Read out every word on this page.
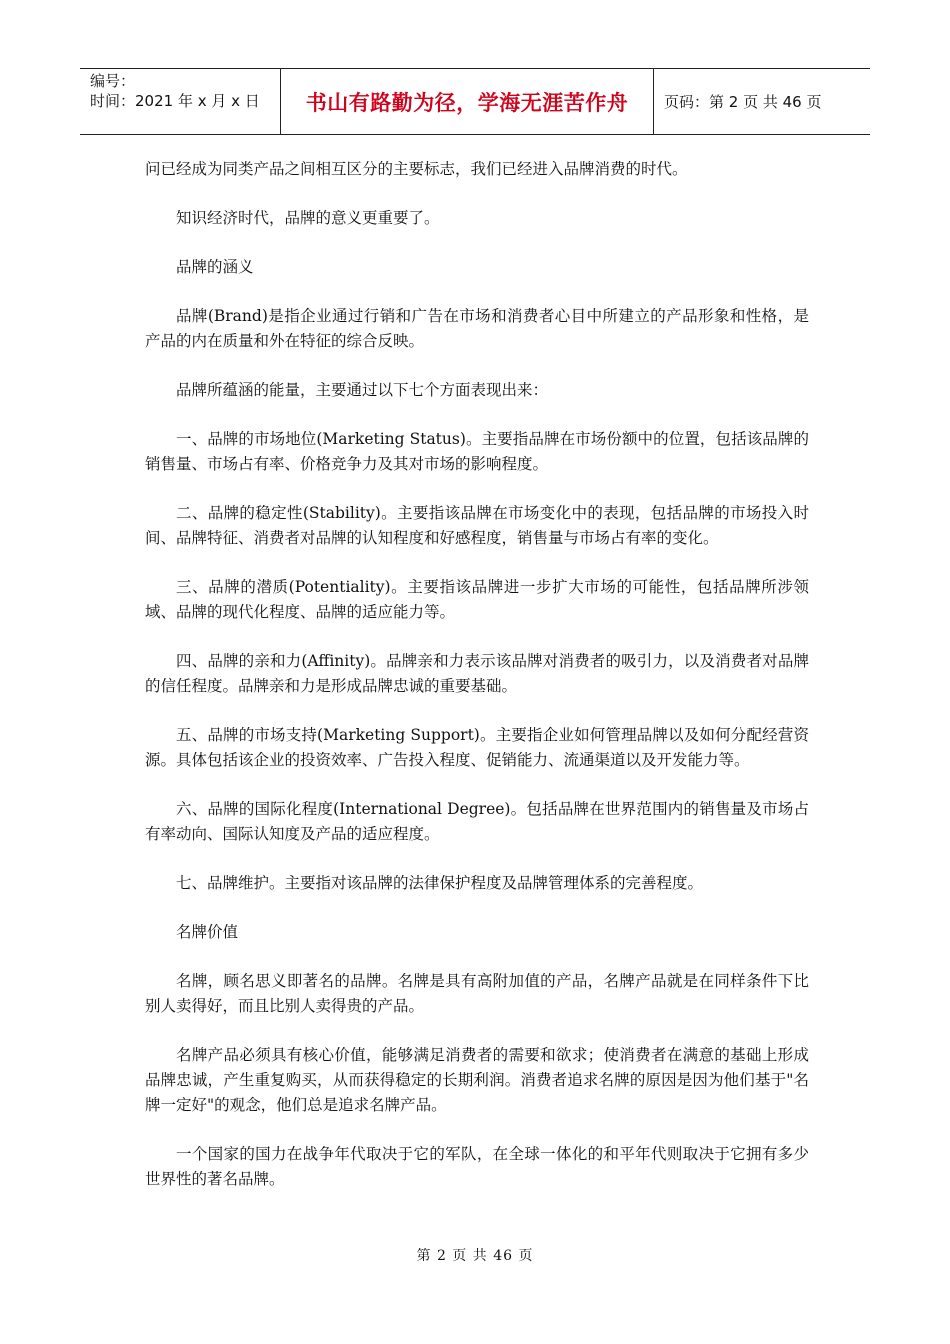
编号：
时间：2021 年 x 月 x 日	书山有路勤为径，学海无涯苦作舟	页码：第 2 页 共 46 页

问已经成为同类产品之间相互区分的主要标志，我们已经进入品牌消费的时代。

知识经济时代，品牌的意义更重要了。

品牌的涵义

品牌(Brand)是指企业通过行销和广告在市场和消费者心目中所建立的产品形象和性格，是产品的内在质量和外在特征的综合反映。

品牌所蕴涵的能量，主要通过以下七个方面表现出来：

一、品牌的市场地位(Marketing Status)。主要指品牌在市场份额中的位置，包括该品牌的销售量、市场占有率、价格竞争力及其对市场的影响程度。

二、品牌的稳定性(Stability)。主要指该品牌在市场变化中的表现，包括品牌的市场投入时间、品牌特征、消费者对品牌的认知程度和好感程度，销售量与市场占有率的变化。

三、品牌的潜质(Potentiality)。主要指该品牌进一步扩大市场的可能性，包括品牌所涉领域、品牌的现代化程度、品牌的适应能力等。

四、品牌的亲和力(Affinity)。品牌亲和力表示该品牌对消费者的吸引力，以及消费者对品牌的信任程度。品牌亲和力是形成品牌忠诚的重要基础。

五、品牌的市场支持(Marketing Support)。主要指企业如何管理品牌以及如何分配经营资源。具体包括该企业的投资效率、广告投入程度、促销能力、流通渠道以及开发能力等。

六、品牌的国际化程度(International Degree)。包括品牌在世界范围内的销售量及市场占有率动向、国际认知度及产品的适应程度。

七、品牌维护。主要指对该品牌的法律保护程度及品牌管理体系的完善程度。

名牌价值

名牌，顾名思义即著名的品牌。名牌是具有高附加值的产品，名牌产品就是在同样条件下比别人卖得好，而且比别人卖得贵的产品。

名牌产品必须具有核心价值，能够满足消费者的需要和欲求；使消费者在满意的基础上形成品牌忠诚，产生重复购买，从而获得稳定的长期利润。消费者追求名牌的原因是因为他们基于"名牌一定好"的观念，他们总是追求名牌产品。

一个国家的国力在战争年代取决于它的军队，在全球一体化的和平年代则取决于它拥有多少世界性的著名品牌。

第 2 页 共 46 页
